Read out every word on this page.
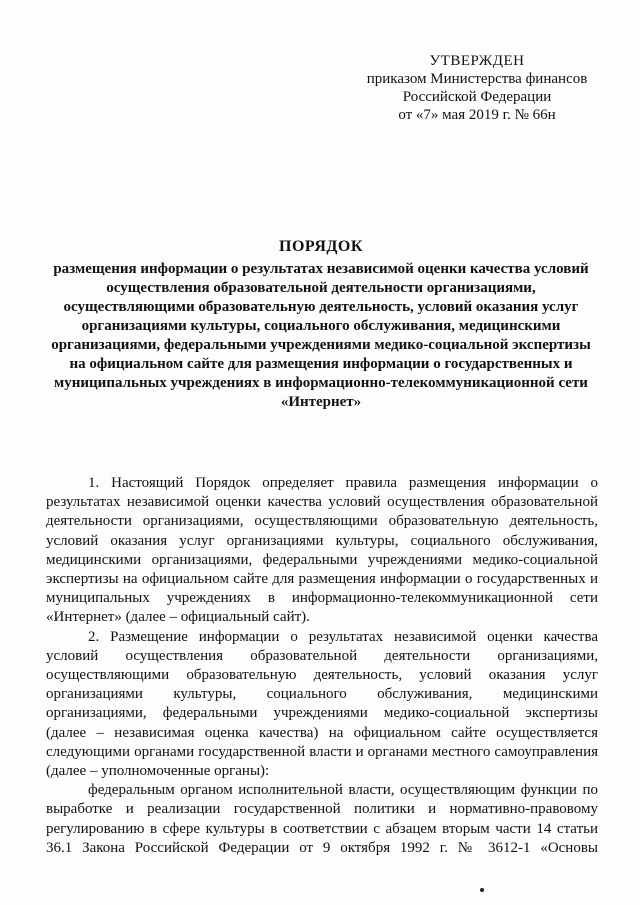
УТВЕРЖДЕН
приказом Министерства финансов
Российской Федерации
от «7» мая 2019 г. № 66н
ПОРЯДОК
размещения информации о результатах независимой оценки качества условий
осуществления образовательной деятельности организациями,
осуществляющими образовательную деятельность, условий оказания услуг
организациями культуры, социального обслуживания, медицинскими
организациями, федеральными учреждениями медико-социальной экспертизы
на официальном сайте для размещения информации о государственных и
муниципальных учреждениях в информационно-телекоммуникационной сети
«Интернет»
1. Настоящий Порядок определяет правила размещения информации о
результатах независимой оценки качества условий осуществления образовательной
деятельности организациями, осуществляющими образовательную деятельность,
условий оказания услуг организациями культуры, социального обслуживания,
медицинскими организациями, федеральными учреждениями медико-социальной
экспертизы на официальном сайте для размещения информации о государственных и
муниципальных учреждениях в информационно-телекоммуникационной сети
«Интернет» (далее – официальный сайт).
2. Размещение информации о результатах независимой оценки качества
условий осуществления образовательной деятельности организациями,
осуществляющими образовательную деятельность, условий оказания услуг
организациями культуры, социального обслуживания, медицинскими
организациями, федеральными учреждениями медико-социальной экспертизы
(далее – независимая оценка качества) на официальном сайте осуществляется
следующими органами государственной власти и органами местного самоуправления
(далее – уполномоченные органы):
федеральным органом исполнительной власти, осуществляющим функции по
выработке и реализации государственной политики и нормативно-правовому
регулированию в сфере культуры в соответствии с абзацем вторым части 14 статьи
36.1 Закона Российской Федерации от 9 октября 1992 г. № 3612-1 «Основы
